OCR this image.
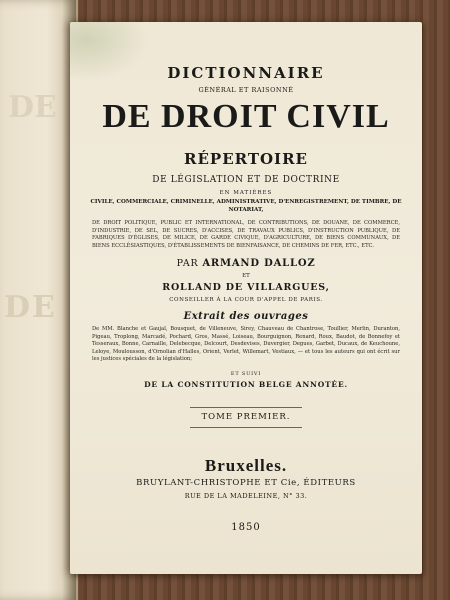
DE
DE
DICTIONNAIRE
GÉNÉRAL ET RAISONNÉ
DE DROIT CIVIL
RÉPERTOIRE
DE LÉGISLATION ET DE DOCTRINE
EN MATIÈRES
CIVILE, COMMERCIALE, CRIMINELLE, ADMINISTRATIVE, D'ENREGISTREMENT, DE TIMBRE, DE NOTARIAT,
DE DROIT POLITIQUE, PUBLIC ET INTERNATIONAL, DE CONTRIBUTIONS, DE DOUANE, DE COMMERCE, D'INDUSTRIE, DE SEL, DE SUCRES, D'ACCISES, DE TRAVAUX PUBLICS, D'INSTRUCTION PUBLIQUE, DE FABRIQUES D'ÉGLISES, DE MILICE, DE GARDE CIVIQUE, D'AGRICULTURE, DE BIENS COMMUNAUX, DE BIENS ECCLÉSIASTIQUES, D'ÉTABLISSEMENTS DE BIENFAISANCE, DE CHEMINS DE FER, ETC., ETC.
PAR ARMAND DALLOZ
ET
ROLLAND DE VILLARGUES,
CONSEILLER À LA COUR D'APPEL DE PARIS.
Extrait des ouvrages
De MM. Blanche et Gaujal, Bousquet, de Villeneuve, Sirey, Chauveau de Chantrose, Toullier, Merlin, Duranton, Pigeau, Troplong, Marcadé, Pochard, Gros, Massé, Loiseau, Bourguignon, Renard, Roux, Baudot, de Bonnefoy et Tesseraux, Bonne, Carnaille, Delebecque, Delcourt, Desdevises, Duvergier, Degues, Garbet, Ducaux, de Keuchoune, Leloye, Moulousson, d'Ornolian d'Halles, Orient, Verlet, Willemart, Vestiaux, — et tous les auteurs qui ont écrit sur les justices spéciales de la législation;
ET SUIVI
DE LA CONSTITUTION BELGE ANNOTÉE.
TOME PREMIER.
Bruxelles.
BRUYLANT-CHRISTOPHE ET Cie, ÉDITEURS
RUE DE LA MADELEINE, N° 33.
1850
